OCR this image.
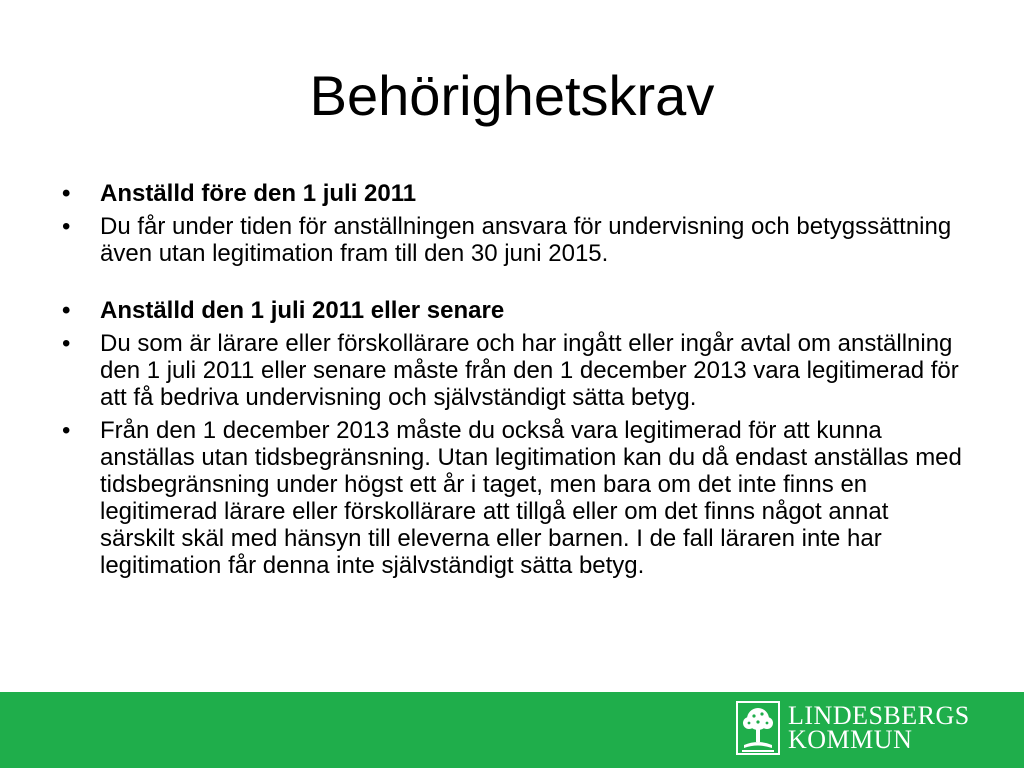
Behörighetskrav

• Anställd före den 1 juli 2011

• Du får under tiden för anställningen ansvara för undervisning och betygssättning även utan legitimation fram till den 30 juni 2015.

• Anställd den 1 juli 2011 eller senare

• Du som är lärare eller förskollärare och har ingått eller ingår avtal om anställning den 1 juli 2011 eller senare måste från den 1 december 2013 vara legitimerad för att få bedriva undervisning och självständigt sätta betyg.

• Från den 1 december 2013 måste du också vara legitimerad för att kunna anställas utan tidsbegränsning. Utan legitimation kan du då endast anställas med tidsbegränsning under högst ett år i taget, men bara om det inte finns en legitimerad lärare eller förskollärare att tillgå eller om det finns något annat särskilt skäl med hänsyn till eleverna eller barnen. I de fall läraren inte har legitimation får denna inte självständigt sätta betyg.

LINDESBERGS
KOMMUN
